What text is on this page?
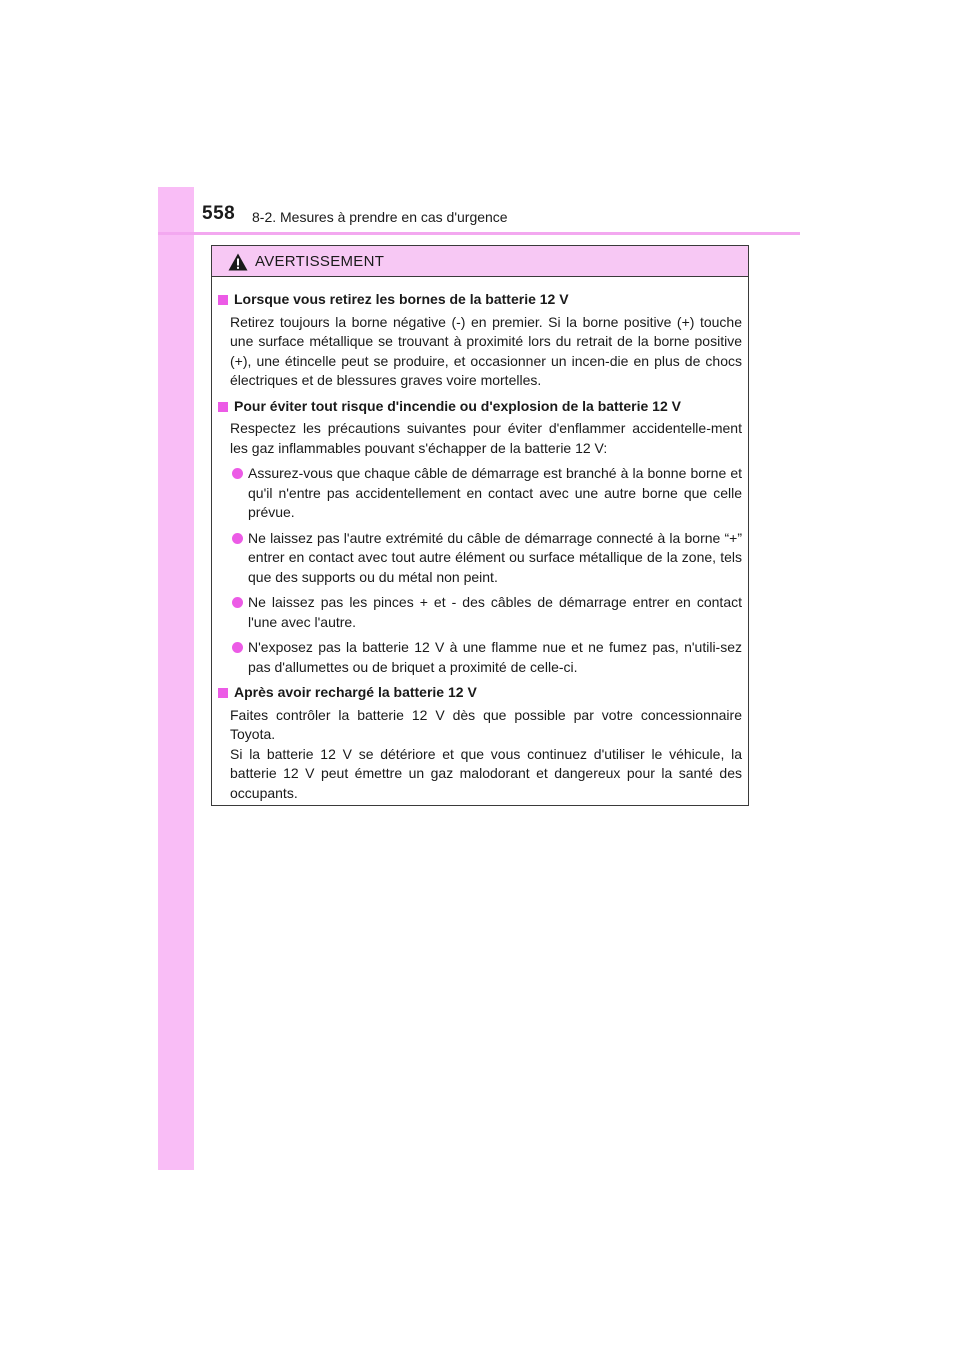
558 8-2. Mesures à prendre en cas d'urgence
AVERTISSEMENT
Lorsque vous retirez les bornes de la batterie 12 V
Retirez toujours la borne négative (-) en premier. Si la borne positive (+) touche une surface métallique se trouvant à proximité lors du retrait de la borne positive (+), une étincelle peut se produire, et occasionner un incen-die en plus de chocs électriques et de blessures graves voire mortelles.
Pour éviter tout risque d'incendie ou d'explosion de la batterie 12 V
Respectez les précautions suivantes pour éviter d'enflammer accidentelle-ment les gaz inflammables pouvant s'échapper de la batterie 12 V:
Assurez-vous que chaque câble de démarrage est branché à la bonne borne et qu'il n'entre pas accidentellement en contact avec une autre borne que celle prévue.
Ne laissez pas l'autre extrémité du câble de démarrage connecté à la borne “+” entrer en contact avec tout autre élément ou surface métallique de la zone, tels que des supports ou du métal non peint.
Ne laissez pas les pinces + et - des câbles de démarrage entrer en contact l'une avec l'autre.
N'exposez pas la batterie 12 V à une flamme nue et ne fumez pas, n'utili-sez pas d'allumettes ou de briquet a proximité de celle-ci.
Après avoir rechargé la batterie 12 V
Faites contrôler la batterie 12 V dès que possible par votre concessionnaire Toyota.
Si la batterie 12 V se détériore et que vous continuez d'utiliser le véhicule, la batterie 12 V peut émettre un gaz malodorant et dangereux pour la santé des occupants.
